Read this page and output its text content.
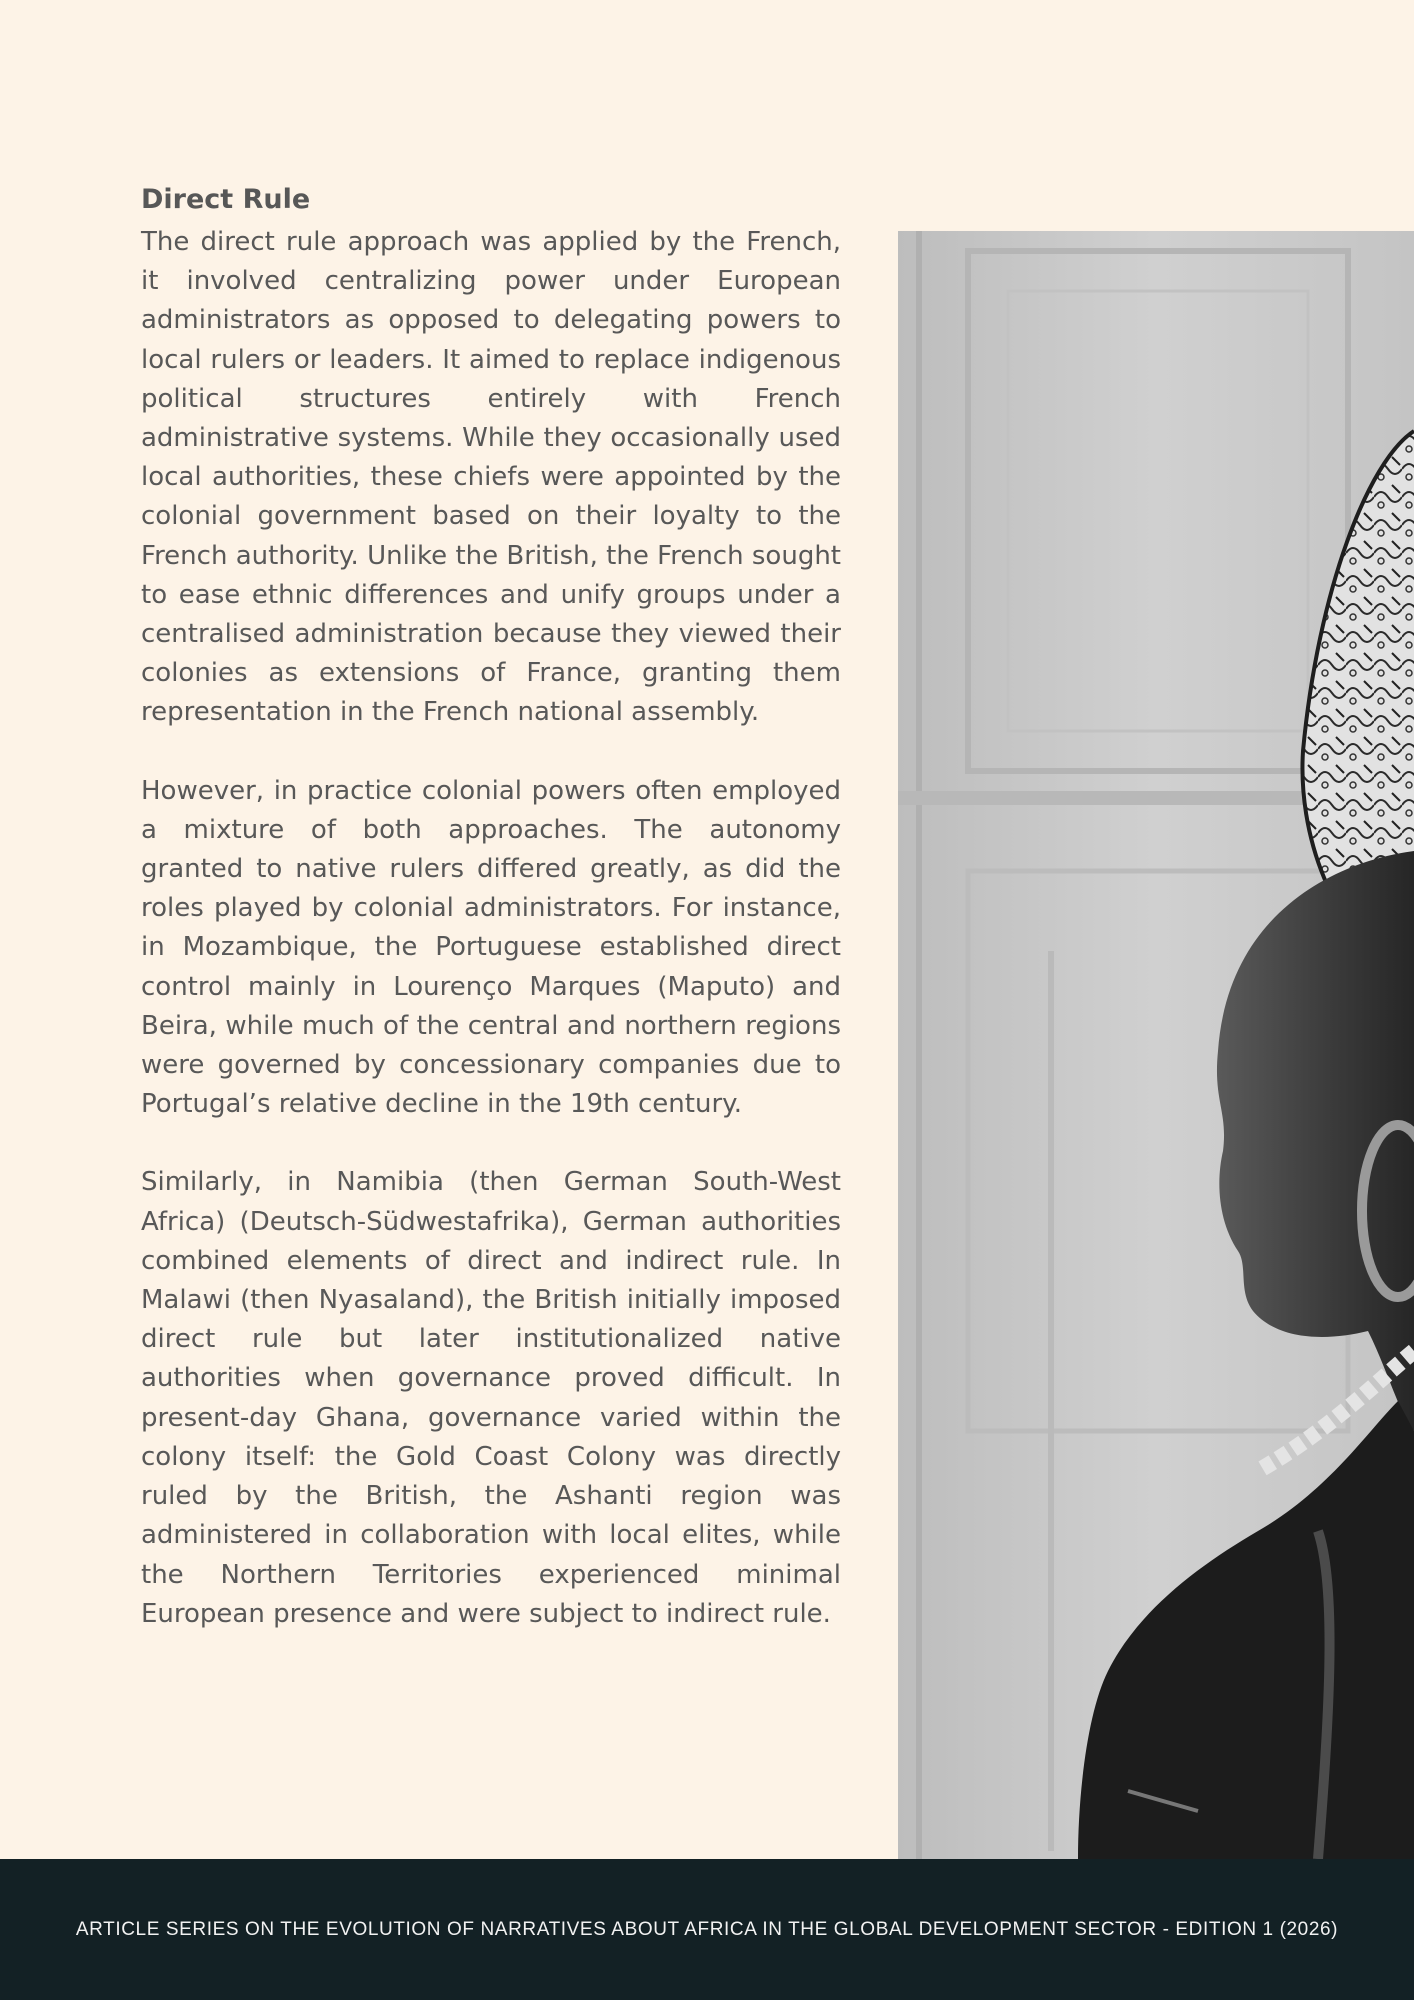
Direct Rule

The direct rule approach was applied by the French, it involved centralizing power under European administrators as opposed to delegating powers to local rulers or leaders. It aimed to replace indigenous political structures entirely with French administrative systems. While they occasionally used local authorities, these chiefs were appointed by the colonial government based on their loyalty to the French authority. Unlike the British, the French sought to ease ethnic differences and unify groups under a centralised administration because they viewed their colonies as extensions of France, granting them representation in the French national assembly.

However, in practice colonial powers often employed a mixture of both approaches. The autonomy granted to native rulers differed greatly, as did the roles played by colonial administrators. For instance, in Mozambique, the Portuguese established direct control mainly in Lourenço Marques (Maputo) and Beira, while much of the central and northern regions were governed by concessionary companies due to Portugal’s relative decline in the 19th century.

Similarly, in Namibia (then German South-West Africa) (Deutsch-Südwestafrika), German authorities combined elements of direct and indirect rule. In Malawi (then Nyasaland), the British initially imposed direct rule but later institutionalized native authorities when governance proved difficult. In present-day Ghana, governance varied within the colony itself: the Gold Coast Colony was directly ruled by the British, the Ashanti region was administered in collaboration with local elites, while the Northern Territories experienced minimal European presence and were subject to indirect rule.

ARTICLE SERIES ON THE EVOLUTION OF NARRATIVES ABOUT AFRICA IN THE GLOBAL DEVELOPMENT SECTOR - EDITION 1 (2026)
